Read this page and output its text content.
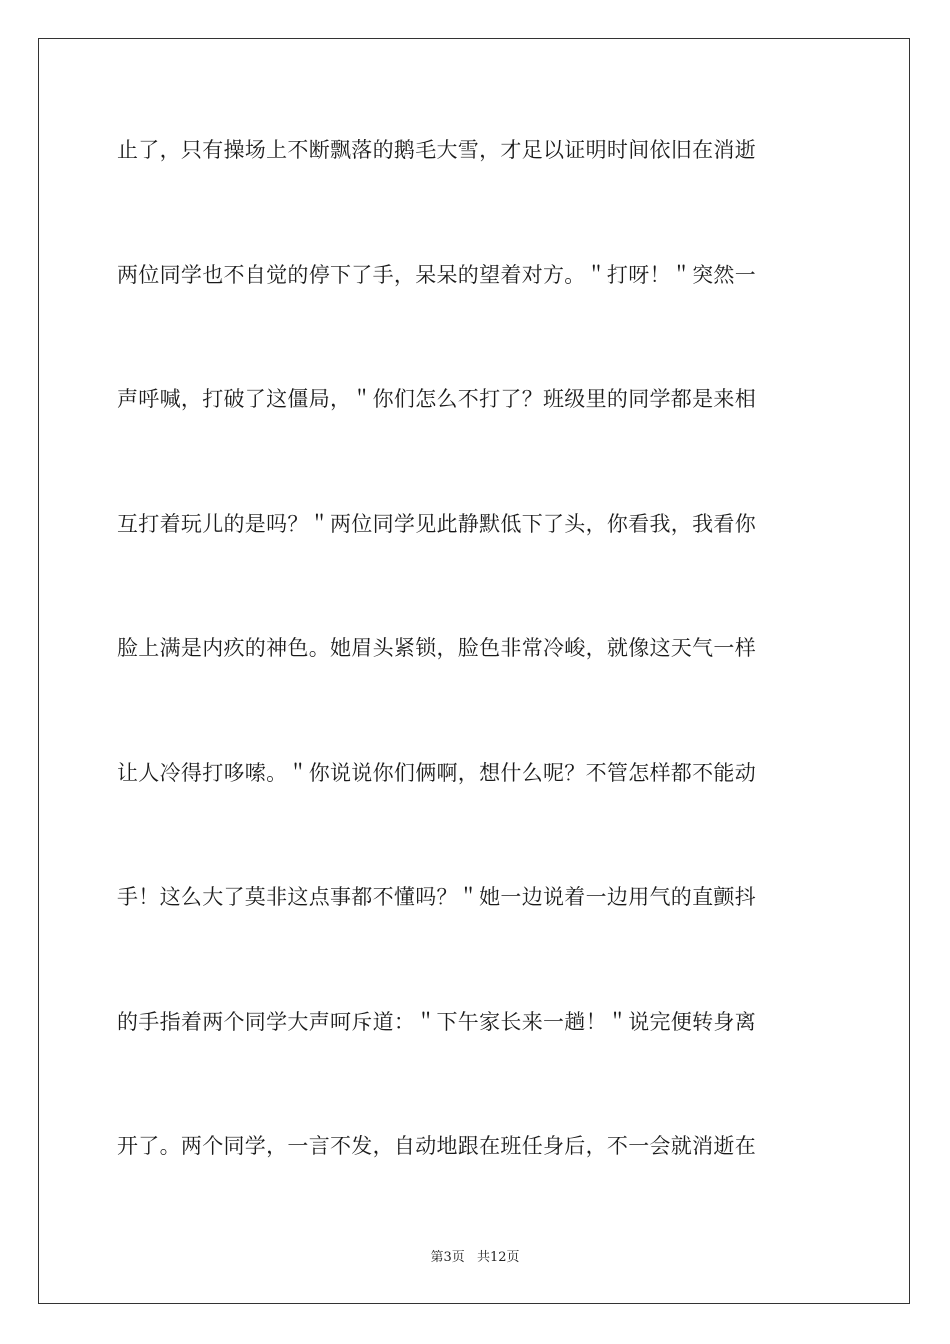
止了，只有操场上不断飘落的鹅毛大雪，才足以证明时间依旧在消逝
两位同学也不自觉的停下了手，呆呆的望着对方。＂打呀！＂突然一
声呼喊，打破了这僵局，＂你们怎么不打了？班级里的同学都是来相
互打着玩儿的是吗？＂两位同学见此静默低下了头，你看我，我看你
脸上满是内疚的神色。她眉头紧锁，脸色非常冷峻，就像这天气一样
让人冷得打哆嗦。＂你说说你们俩啊，想什么呢？不管怎样都不能动
手！这么大了莫非这点事都不懂吗？＂她一边说着一边用气的直颤抖
的手指着两个同学大声呵斥道：＂下午家长来一趟！＂说完便转身离
开了。两个同学，一言不发，自动地跟在班任身后，不一会就消逝在
第3页 共12页
